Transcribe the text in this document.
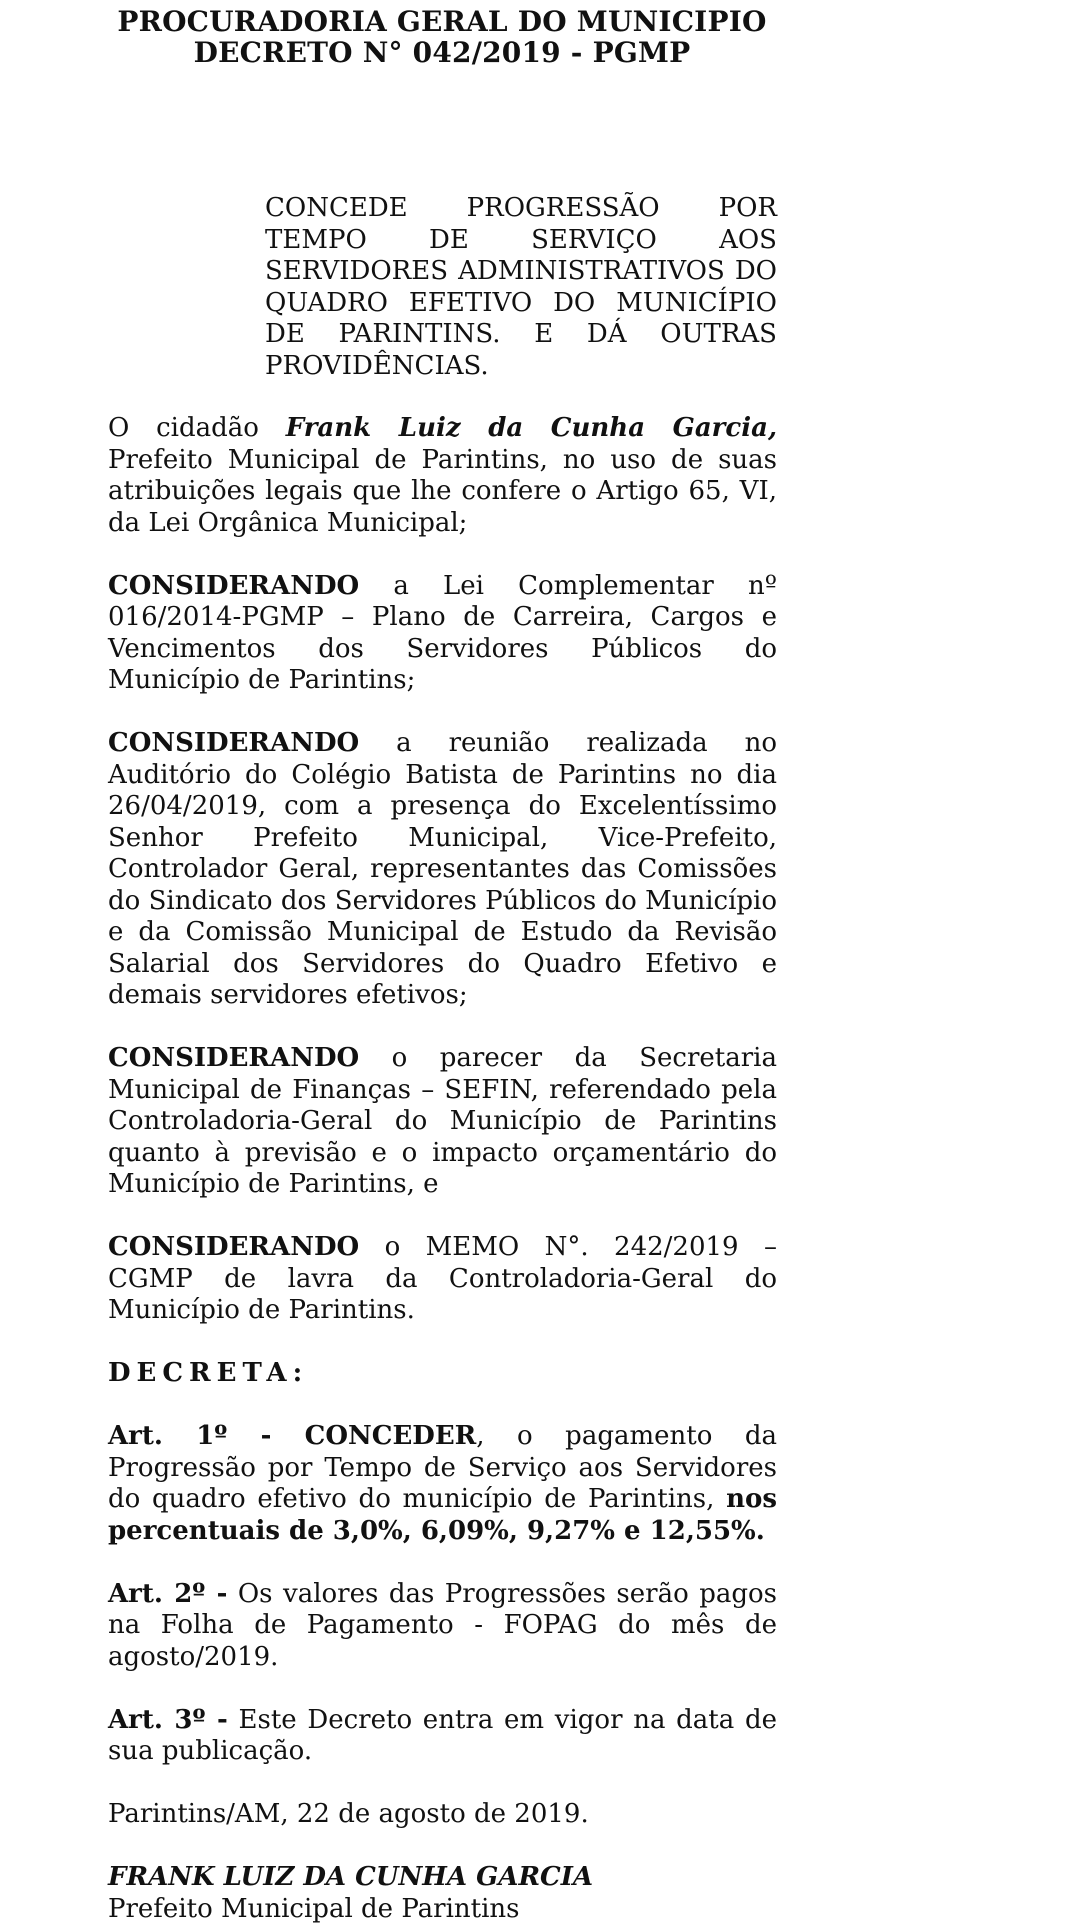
PROCURADORIA GERAL DO MUNICIPIO
DECRETO N° 042/2019 - PGMP
CONCEDE PROGRESSÃO POR TEMPO DE SERVIÇO AOS SERVIDORES ADMINISTRATIVOS DO QUADRO EFETIVO DO MUNICÍPIO DE PARINTINS. E DÁ OUTRAS PROVIDÊNCIAS.

O cidadão Frank Luiz da Cunha Garcia, Prefeito Municipal de Parintins, no uso de suas atribuições legais que lhe confere o Artigo 65, VI, da Lei Orgânica Municipal;

CONSIDERANDO a Lei Complementar nº 016/2014-PGMP – Plano de Carreira, Cargos e Vencimentos dos Servidores Públicos do Município de Parintins;

CONSIDERANDO a reunião realizada no Auditório do Colégio Batista de Parintins no dia 26/04/2019, com a presença do Excelentíssimo Senhor Prefeito Municipal, Vice-Prefeito, Controlador Geral, representantes das Comissões do Sindicato dos Servidores Públicos do Município e da Comissão Municipal de Estudo da Revisão Salarial dos Servidores do Quadro Efetivo e demais servidores efetivos;

CONSIDERANDO o parecer da Secretaria Municipal de Finanças – SEFIN, referendado pela Controladoria-Geral do Município de Parintins quanto à previsão e o impacto orçamentário do Município de Parintins, e

CONSIDERANDO o MEMO N°. 242/2019 – CGMP de lavra da Controladoria-Geral do Município de Parintins.

DECRETA:

Art. 1º - CONCEDER, o pagamento da Progressão por Tempo de Serviço aos Servidores do quadro efetivo do município de Parintins, nos percentuais de 3,0%, 6,09%, 9,27% e 12,55%.

Art. 2º - Os valores das Progressões serão pagos na Folha de Pagamento - FOPAG do mês de agosto/2019.

Art. 3º - Este Decreto entra em vigor na data de sua publicação.

Parintins/AM, 22 de agosto de 2019.

FRANK LUIZ DA CUNHA GARCIA

Prefeito Municipal de Parintins
